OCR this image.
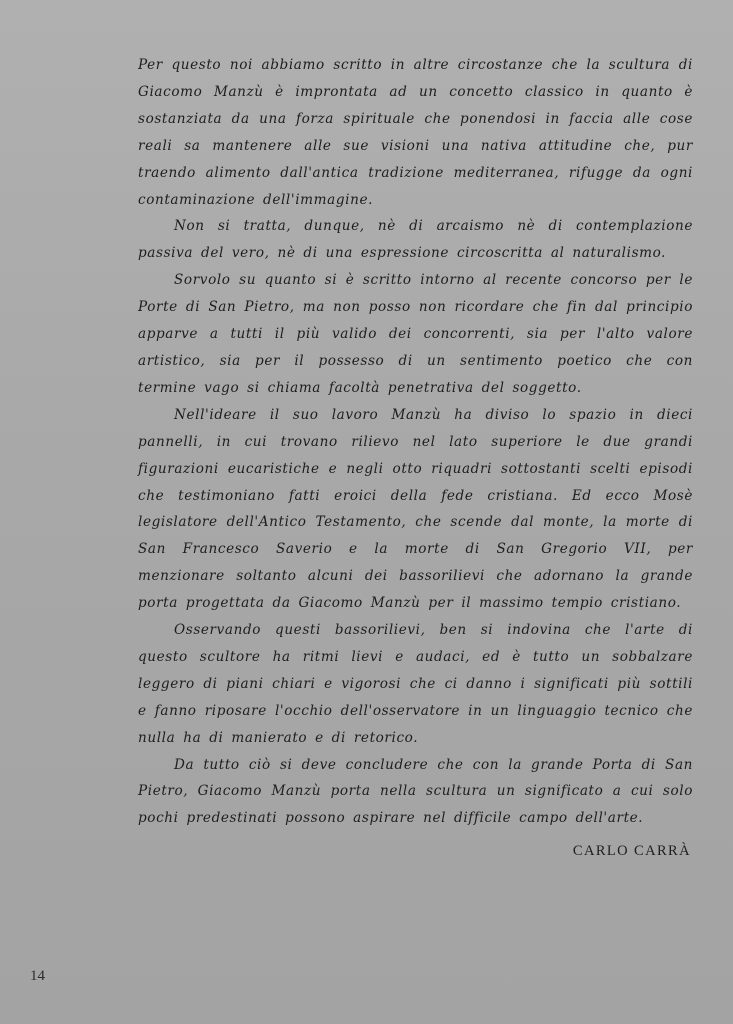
Per questo noi abbiamo scritto in altre circostanze che la scultura di Giacomo Manzù è improntata ad un concetto classico in quanto è sostanziata da una forza spirituale che ponendosi in faccia alle cose reali sa mantenere alle sue visioni una nativa attitudine che, pur traendo alimento dall'antica tradizione mediterranea, rifugge da ogni contaminazione dell'immagine.

Non si tratta, dunque, nè di arcaismo nè di contemplazione passiva del vero, nè di una espressione circoscritta al naturalismo.

Sorvolo su quanto si è scritto intorno al recente concorso per le Porte di San Pietro, ma non posso non ricordare che fin dal principio apparve a tutti il più valido dei concorrenti, sia per l'alto valore artistico, sia per il possesso di un sentimento poetico che con termine vago si chiama facoltà penetrativa del soggetto.

Nell'ideare il suo lavoro Manzù ha diviso lo spazio in dieci pannelli, in cui trovano rilievo nel lato superiore le due grandi figurazioni eucaristiche e negli otto riquadri sottostanti scelti episodi che testimoniano fatti eroici della fede cristiana. Ed ecco Mosè legislatore dell'Antico Testamento, che scende dal monte, la morte di San Francesco Saverio e la morte di San Gregorio VII, per menzionare soltanto alcuni dei bassorilievi che adornano la grande porta progettata da Giacomo Manzù per il massimo tempio cristiano.

Osservando questi bassorilievi, ben si indovina che l'arte di questo scultore ha ritmi lievi e audaci, ed è tutto un sobbalzare leggero di piani chiari e vigorosi che ci danno i significati più sottili e fanno riposare l'occhio dell'osservatore in un linguaggio tecnico che nulla ha di manierato e di retorico.

Da tutto ciò si deve concludere che con la grande Porta di San Pietro, Giacomo Manzù porta nella scultura un significato a cui solo pochi predestinati possono aspirare nel difficile campo dell'arte.

CARLO CARRÀ

14
